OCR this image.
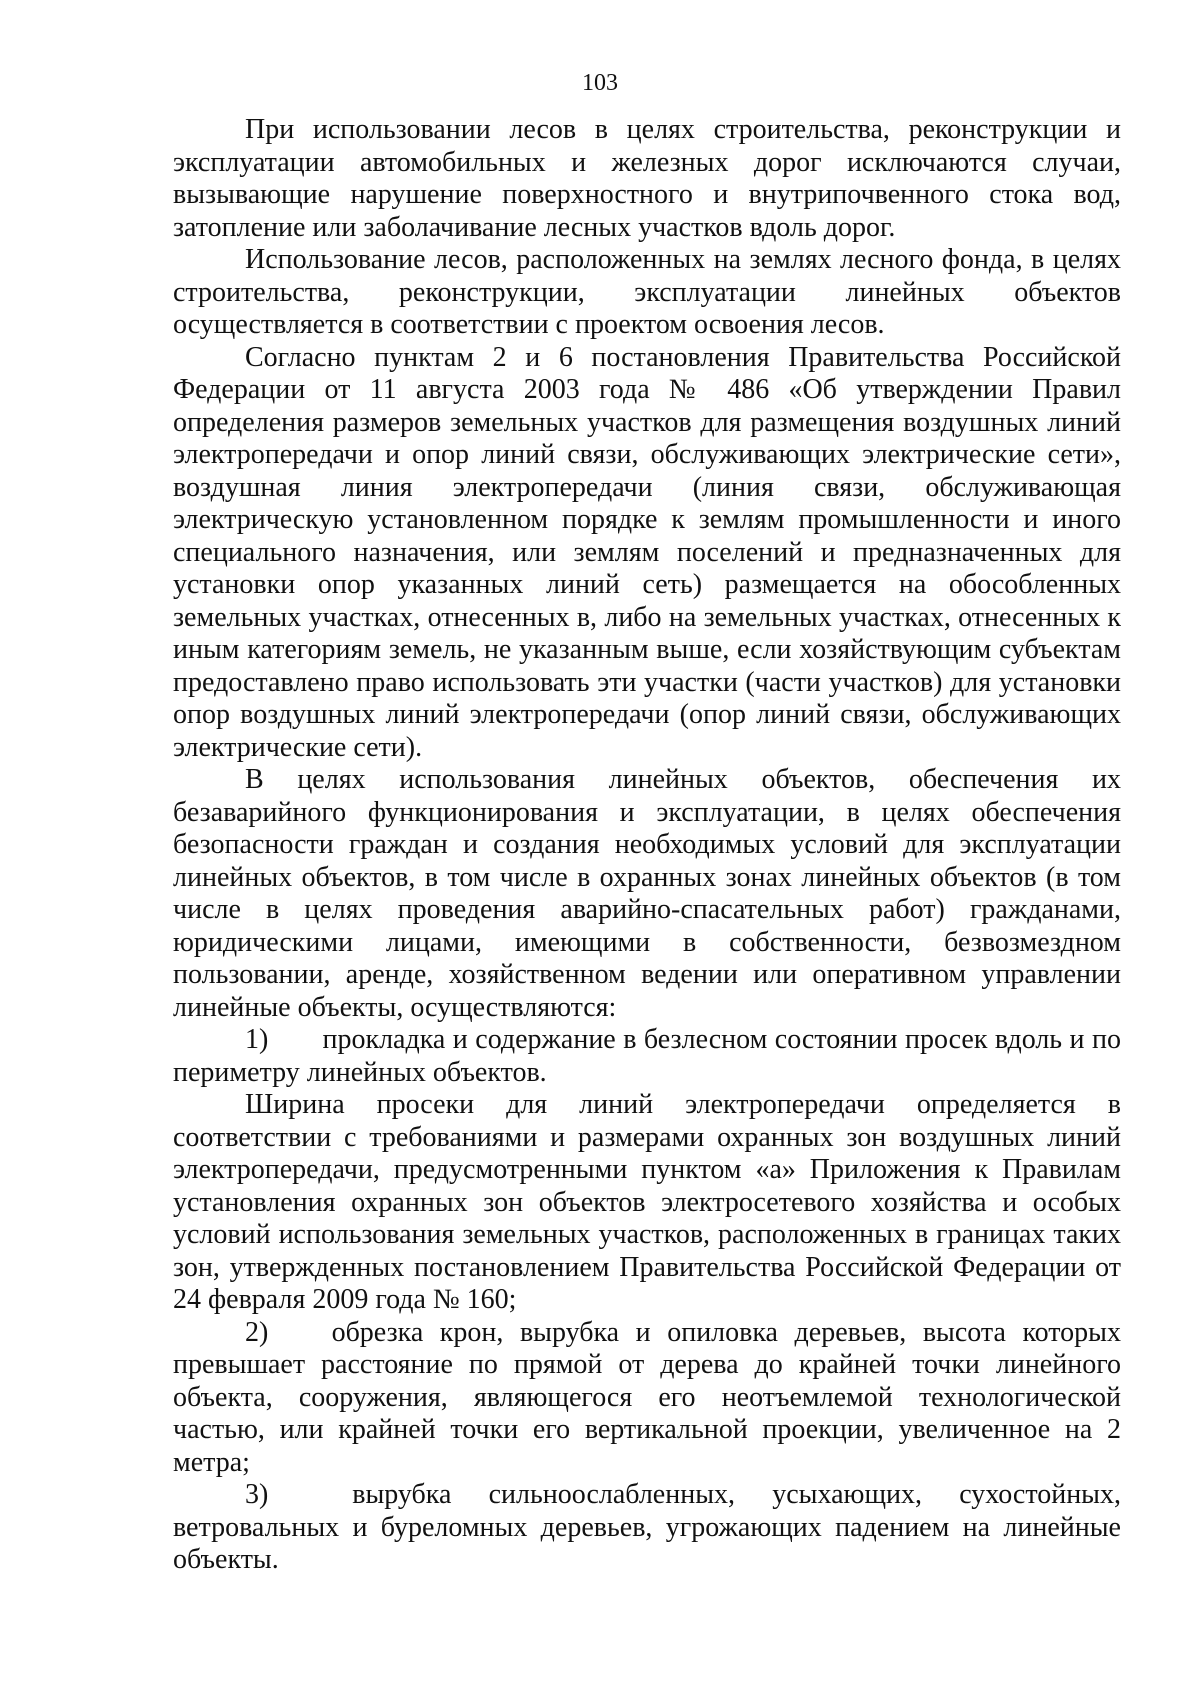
103

При использовании лесов в целях строительства, реконструкции и эксплуатации автомобильных и железных дорог исключаются случаи, вызывающие нарушение поверхностного и внутрипочвенного стока вод, затопление или заболачивание лесных участков вдоль дорог.

Использование лесов, расположенных на землях лесного фонда, в целях строительства, реконструкции, эксплуатации линейных объектов осуществляется в соответствии с проектом освоения лесов.

Согласно пунктам 2 и 6 постановления Правительства Российской Федерации от 11 августа 2003 года № 486 «Об утверждении Правил определения размеров земельных участков для размещения воздушных линий электропередачи и опор линий связи, обслуживающих электрические сети», воздушная линия электропередачи (линия связи, обслуживающая электрическую установленном порядке к землям промышленности и иного специального назначения, или землям поселений и предназначенных для установки опор указанных линий сеть) размещается на обособленных земельных участках, отнесенных в, либо на земельных участках, отнесенных к иным категориям земель, не указанным выше, если хозяйствующим субъектам предоставлено право использовать эти участки (части участков) для установки опор воздушных линий электропередачи (опор линий связи, обслуживающих электрические сети).

В целях использования линейных объектов, обеспечения их безаварийного функционирования и эксплуатации, в целях обеспечения безопасности граждан и создания необходимых условий для эксплуатации линейных объектов, в том числе в охранных зонах линейных объектов (в том числе в целях проведения аварийно-спасательных работ) гражданами, юридическими лицами, имеющими в собственности, безвозмездном пользовании, аренде, хозяйственном ведении или оперативном управлении линейные объекты, осуществляются:

1) прокладка и содержание в безлесном состоянии просек вдоль и по периметру линейных объектов.

Ширина просеки для линий электропередачи определяется в соответствии с требованиями и размерами охранных зон воздушных линий электропередачи, предусмотренными пунктом «а» Приложения к Правилам установления охранных зон объектов электросетевого хозяйства и особых условий использования земельных участков, расположенных в границах таких зон, утвержденных постановлением Правительства Российской Федерации от 24 февраля 2009 года № 160;

2) обрезка крон, вырубка и опиловка деревьев, высота которых превышает расстояние по прямой от дерева до крайней точки линейного объекта, сооружения, являющегося его неотъемлемой технологической частью, или крайней точки его вертикальной проекции, увеличенное на 2 метра;

3)	вырубка сильноослабленных, усыхающих, сухостойных, ветровальных и буреломных деревьев, угрожающих падением на линейные объекты.
